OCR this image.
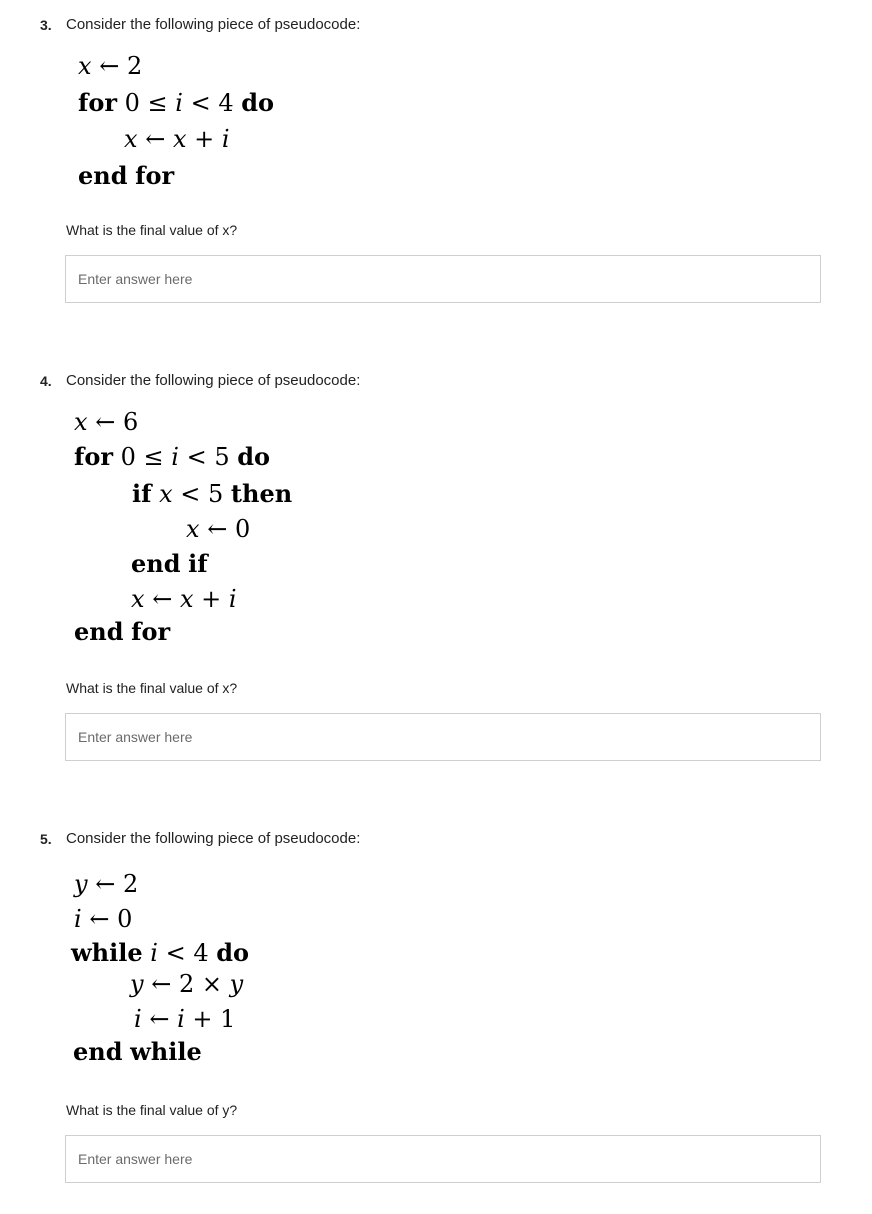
3. Consider the following piece of pseudocode:
x ← 2
for 0 ≤ i < 4 do
x ← x + i
end for
What is the final value of x?
Enter answer here
4. Consider the following piece of pseudocode:
x ← 6
for 0 ≤ i < 5 do
if x < 5 then
x ← 0
end if
x ← x + i
end for
What is the final value of x?
Enter answer here
5. Consider the following piece of pseudocode:
y ← 2
i ← 0
while i < 4 do
y ← 2 × y
i ← i + 1
end while
What is the final value of y?
Enter answer here
